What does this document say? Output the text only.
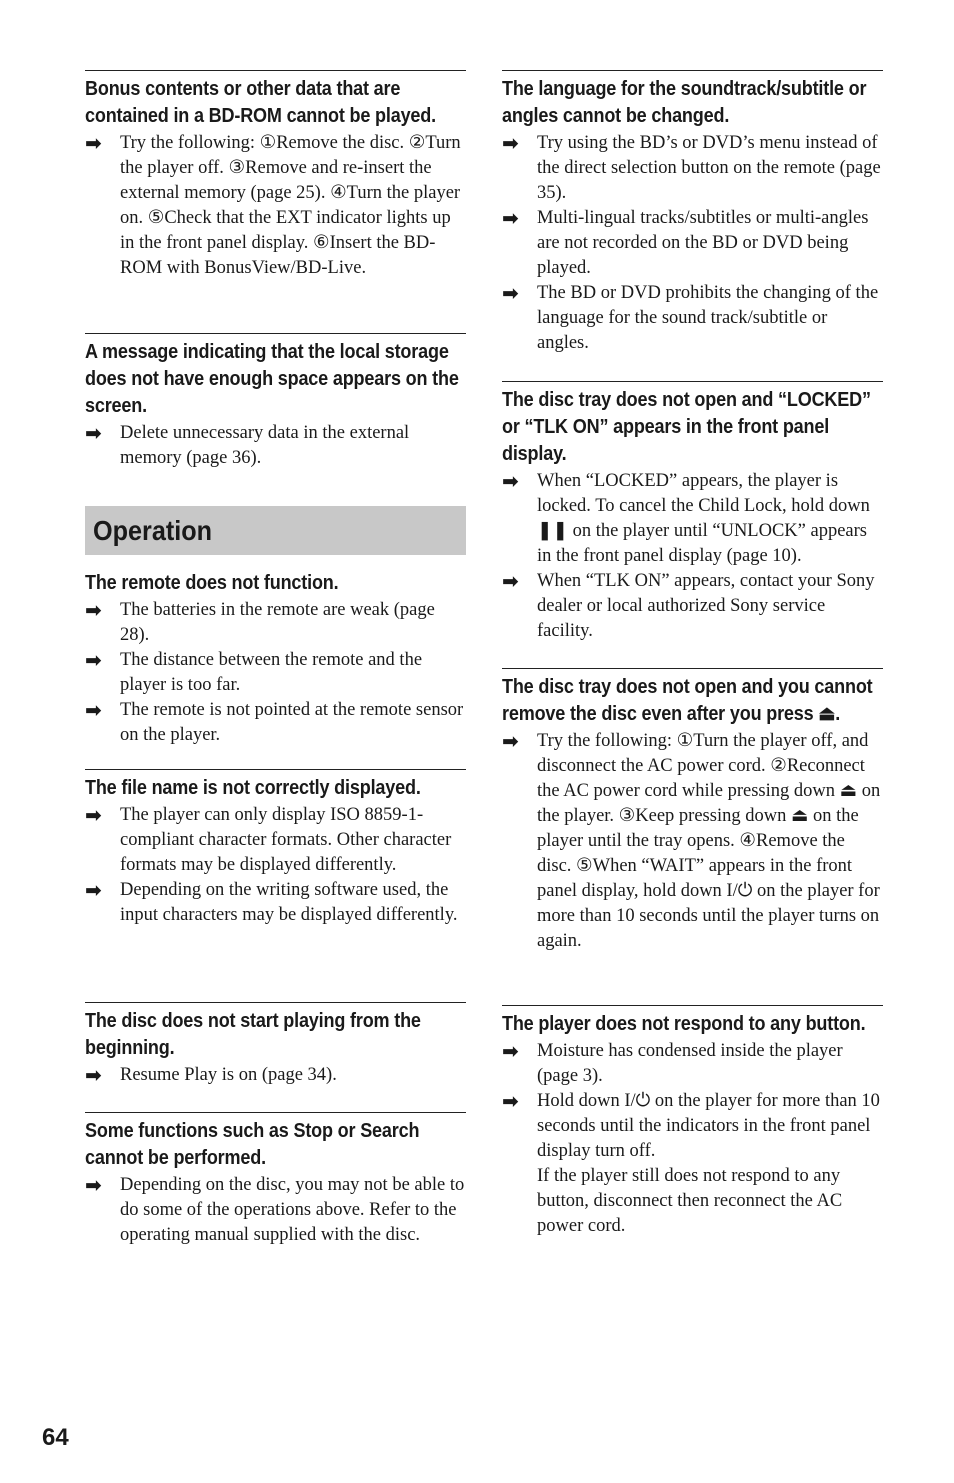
Bonus contents or other data that are contained in a BD-ROM cannot be played.
➡ Try the following: ①Remove the disc. ②Turn the player off. ③Remove and re-insert the external memory (page 25). ④Turn the player on. ⑤Check that the EXT indicator lights up in the front panel display. ⑥Insert the BD-ROM with BonusView/BD-Live.
A message indicating that the local storage does not have enough space appears on the screen.
➡ Delete unnecessary data in the external memory (page 36).
Operation
The remote does not function.
➡ The batteries in the remote are weak (page 28).
➡ The distance between the remote and the player is too far.
➡ The remote is not pointed at the remote sensor on the player.
The file name is not correctly displayed.
➡ The player can only display ISO 8859-1-compliant character formats. Other character formats may be displayed differently.
➡ Depending on the writing software used, the input characters may be displayed differently.
The disc does not start playing from the beginning.
➡ Resume Play is on (page 34).
Some functions such as Stop or Search cannot be performed.
➡ Depending on the disc, you may not be able to do some of the operations above. Refer to the operating manual supplied with the disc.
The language for the soundtrack/subtitle or angles cannot be changed.
➡ Try using the BD’s or DVD’s menu instead of the direct selection button on the remote (page 35).
➡ Multi-lingual tracks/subtitles or multi-angles are not recorded on the BD or DVD being played.
➡ The BD or DVD prohibits the changing of the language for the sound track/subtitle or angles.
The disc tray does not open and “LOCKED” or “TLK ON” appears in the front panel display.
➡ When “LOCKED” appears, the player is locked. To cancel the Child Lock, hold down ❚❚ on the player until “UNLOCK” appears in the front panel display (page 10).
➡ When “TLK ON” appears, contact your Sony dealer or local authorized Sony service facility.
The disc tray does not open and you cannot remove the disc even after you press ⏏.
➡ Try the following: ①Turn the player off, and disconnect the AC power cord. ②Reconnect the AC power cord while pressing down ⏏ on the player. ③Keep pressing down ⏏ on the player until the tray opens. ④Remove the disc. ⑤When “WAIT” appears in the front panel display, hold down I/⏻ on the player for more than 10 seconds until the player turns on again.
The player does not respond to any button.
➡ Moisture has condensed inside the player (page 3).
➡ Hold down I/⏻ on the player for more than 10 seconds until the indicators in the front panel display turn off.
If the player still does not respond to any button, disconnect then reconnect the AC power cord.
64
